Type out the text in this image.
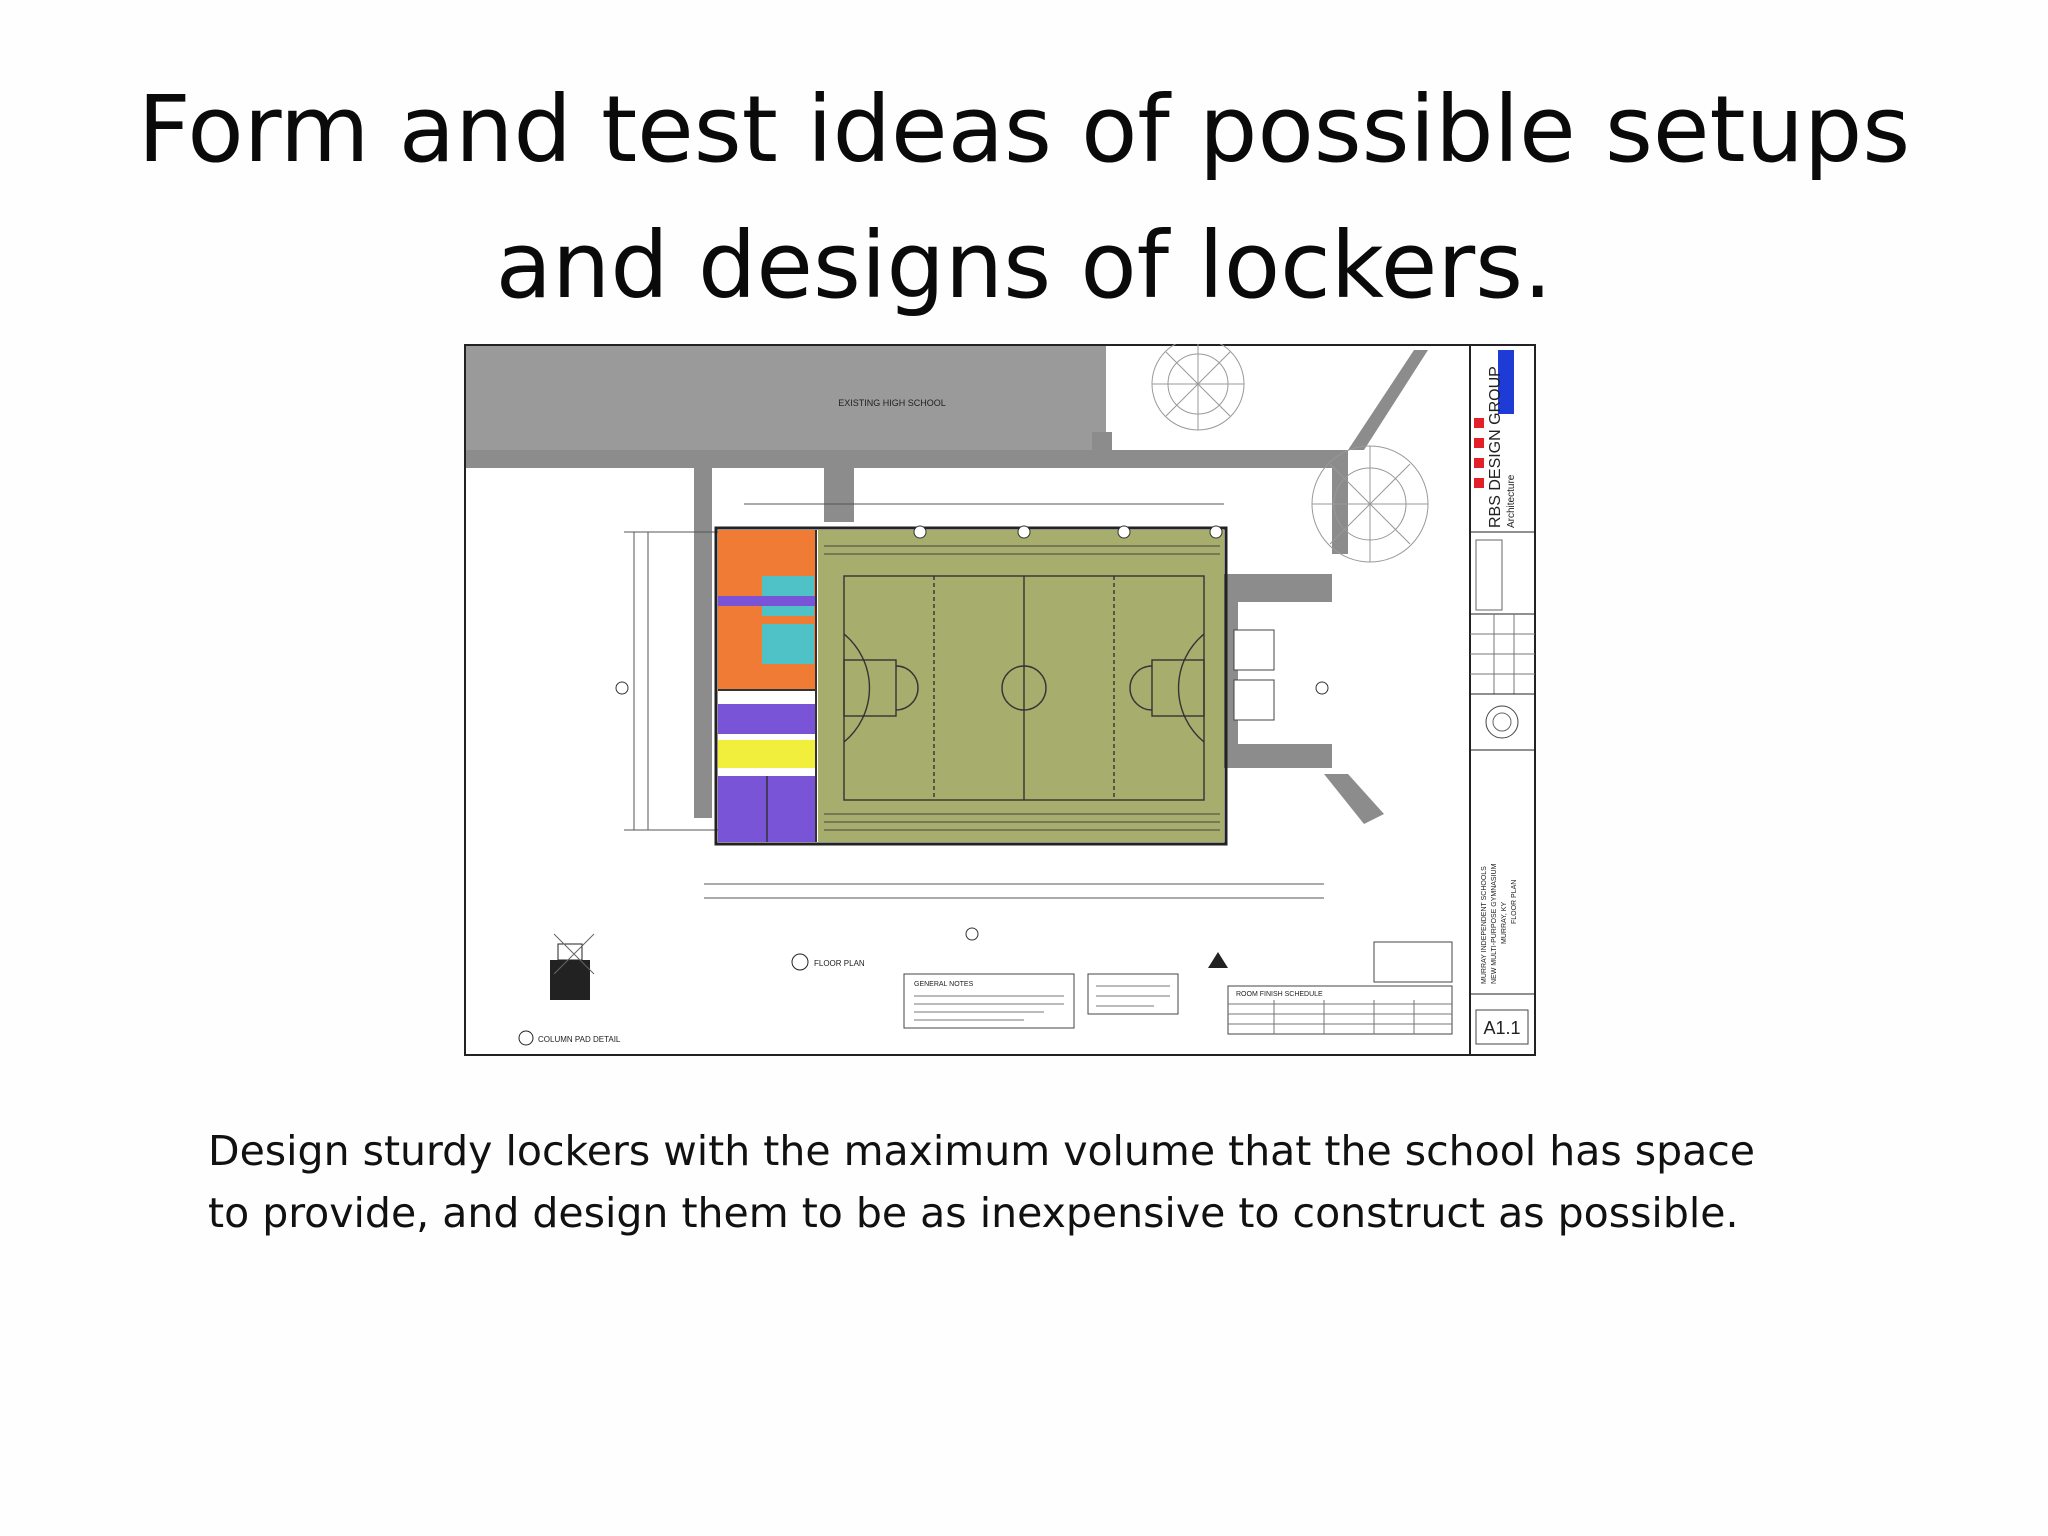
Form and test ideas of possible setups
and designs of lockers.
EXISTING HIGH SCHOOL
COLUMN PAD DETAIL
FLOOR PLAN
GENERAL NOTES
ROOM FINISH SCHEDULE
RBS DESIGN GROUP Architecture
MURRAY INDEPENDENT SCHOOLS NEW MULTI-PURPOSE GYMNASIUM MURRAY, KY FLOOR PLAN
A1.1
Design sturdy lockers with the maximum volume that the school has space
to provide, and design them to be as inexpensive to construct as possible.
